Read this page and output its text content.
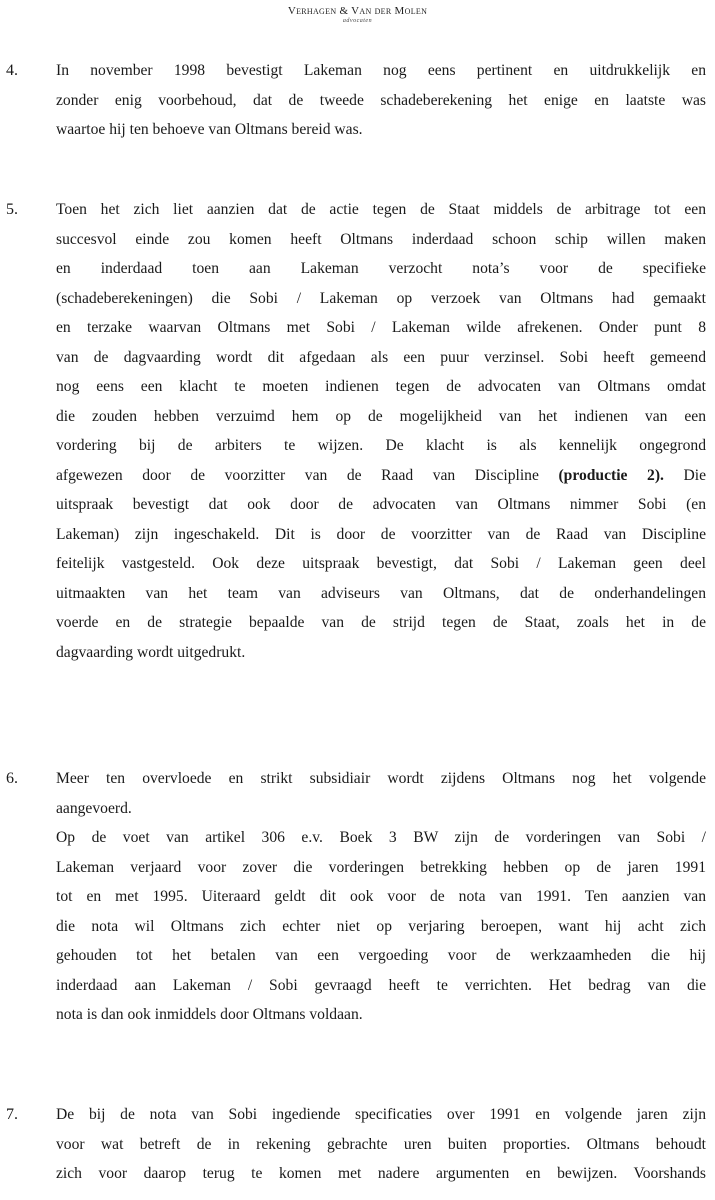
Verhagen & Van der Molen
advocaten
4. In november 1998 bevestigt Lakeman nog eens pertinent en uitdrukkelijk en
zonder enig voorbehoud, dat de tweede schadeberekening het enige en laatste was
waartoe hij ten behoeve van Oltmans bereid was.
5. Toen het zich liet aanzien dat de actie tegen de Staat middels de arbitrage tot een
succesvol einde zou komen heeft Oltmans inderdaad schoon schip willen maken
en inderdaad toen aan Lakeman verzocht nota’s voor de specifieke
(schadeberekeningen) die Sobi / Lakeman op verzoek van Oltmans had gemaakt
en terzake waarvan Oltmans met Sobi / Lakeman wilde afrekenen. Onder punt 8
van de dagvaarding wordt dit afgedaan als een puur verzinsel. Sobi heeft gemeend
nog eens een klacht te moeten indienen tegen de advocaten van Oltmans omdat
die zouden hebben verzuimd hem op de mogelijkheid van het indienen van een
vordering bij de arbiters te wijzen. De klacht is als kennelijk ongegrond
afgewezen door de voorzitter van de Raad van Discipline (productie 2). Die
uitspraak bevestigt dat ook door de advocaten van Oltmans nimmer Sobi (en
Lakeman) zijn ingeschakeld. Dit is door de voorzitter van de Raad van Discipline
feitelijk vastgesteld. Ook deze uitspraak bevestigt, dat Sobi / Lakeman geen deel
uitmaakten van het team van adviseurs van Oltmans, dat de onderhandelingen
voerde en de strategie bepaalde van de strijd tegen de Staat, zoals het in de
dagvaarding wordt uitgedrukt.
6. Meer ten overvloede en strikt subsidiair wordt zijdens Oltmans nog het volgende
aangevoerd.
Op de voet van artikel 306 e.v. Boek 3 BW zijn de vorderingen van Sobi /
Lakeman verjaard voor zover die vorderingen betrekking hebben op de jaren 1991
tot en met 1995. Uiteraard geldt dit ook voor de nota van 1991. Ten aanzien van
die nota wil Oltmans zich echter niet op verjaring beroepen, want hij acht zich
gehouden tot het betalen van een vergoeding voor de werkzaamheden die hij
inderdaad aan Lakeman / Sobi gevraagd heeft te verrichten. Het bedrag van die
nota is dan ook inmiddels door Oltmans voldaan.
7. De bij de nota van Sobi ingediende specificaties over 1991 en volgende jaren zijn
voor wat betreft de in rekening gebrachte uren buiten proporties. Oltmans behoudt
zich voor daarop terug te komen met nadere argumenten en bewijzen. Voorshands
